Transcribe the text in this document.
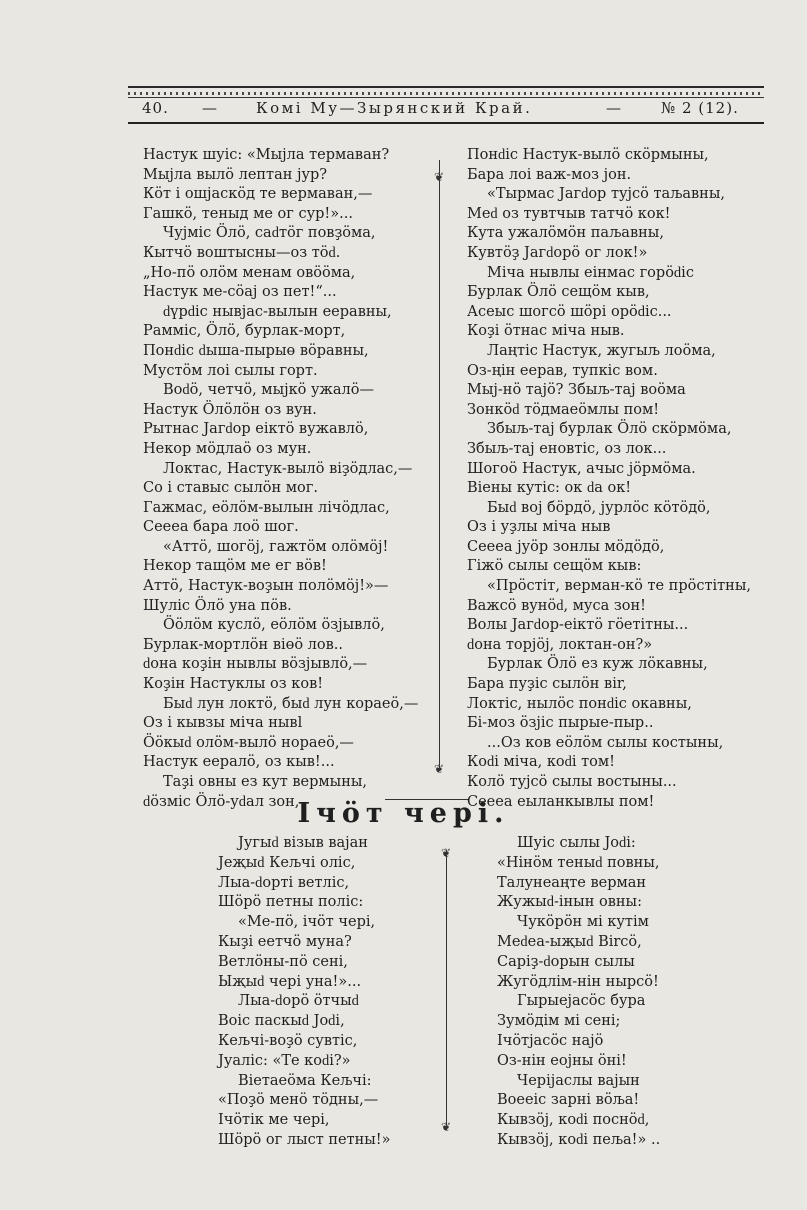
40. —	Комі Му—Зырянский Край.	—	№ 2 (12).
Настук шуіс: «Мыјла термаван?
Мыјла вылӧ лептан јур?
Кӧт і ошјаскӧд те вермаван,—
Гашкӧ, теныд ме ог сур!»...
Чујміс Ӧлӧ, саԁтӧг повҙӧма,
Кытчӧ воштысны—оз тӧԁ.
„Но-пӧ олӧм менам овӧӧма,
Настук ме-сӧај оз пет!“...
ԁүрԁіс нывјас-вылын ееравны,
Раммiс, Ӧлӧ, бурлак-морт,
Понԁіс ԁыша-пырыө вӧравны,
Мустӧм лоі сылы горт.
Воԁӧ, четчӧ, мыјкӧ ужалӧ—
Настук Ӧлӧлӧн оз вун.
Рытнас Јагԁор еіктӧ вужавлӧ,
Некор мӧдлаӧ оз мун.
Локтас, Настук-вылӧ віҙӧдлас,—
Со і ставыс сылӧн мог.
Гажмас, еӧлӧм-вылын лічӧдлас,
Сеееа бара лоӧ шог.
«Аттӧ, шогӧј, гажтӧм олӧмӧј!
Некор тащӧм ме ег вӧв!
Аттӧ, Настук-воҙын полӧмӧј!»—
Шуліс Ӧлӧ уна пӧв.
Ӧӧлӧм куслӧ, еӧлӧм ӧзјывлӧ,
Бурлак-мортлӧн віөӧ лов..
ԁона коҙін нывлы вӧзјывлӧ,—
Коҙін Настуклы оз ков!
Быԁ лун локтӧ, быԁ лун кораеӧ,—
Оз і кывзы міча нывl
Ӧӧкыԁ олӧм-вылӧ нораеӧ,—
Настук еералӧ, оз кыв!...
Таҙі овны ез кут вермыны,
ԁӧзміс Ӧлӧ-уԁал зон,
❦
❦
Понԁіс Настук-вылӧ скӧрмыны,
Бара лоі важ-моз јон.
«Тырмас Јагԁор тујсӧ таљавны,
Меԁ оз тувтчыв татчӧ кок!
Кута ужалӧмӧн паљавны,
Кувтӧҙ Јагԁорӧ ог лок!»
Міча нывлы еінмас горӧԁіс
Бурлак Ӧлӧ сещӧм кыв,
Асеыс шогсӧ шӧрі орӧԁіс...
Коҙі ӧтнас міча ныв.
Лаңтіс Настук, жугыљ лоӧма,
Оз-ңін еерав, тупкіс вом.
Мыј-нӧ тајӧ? Збыљ-тај воӧма
Зонкӧԁ тӧдмаеӧмлы пом!
Збыљ-тај бурлак Ӧлӧ скӧрмӧма,
Збыљ-тај еновтіс, оз лок...
Шогоӧ Настук, ачыс јӧрмӧма.
Віены кутіс: ок ԁа ок!
Быԁ воj бӧрдӧ, јурлӧс кӧтӧдӧ,
Оз і уҙлы міча ныв
Сеееа јуӧр зонлы мӧдӧдӧ,
Гіжӧ сылы сещӧм кыв:
«Прӧстіт, верман-кӧ те прӧстітны,
Важсӧ вунӧԁ, муса зон!
Волы Јагԁор-еіктӧ гӧетітны...
ԁона торјӧј, локтан-он?»
Бурлак Ӧлӧ ез куж лӧкавны,
Бара пуҙіс сылӧн віr,
Локтіс, нылӧс понԁіс окавны,
Бі-моз ӧзјіс пырые-пыр..
...Оз ков еӧлӧм сылы костыны,
Коԁі міча, коԁі том!
Колӧ тујсӧ сылы востыны...
Сеееа еыланкывлы пом!
Ічӧт черi.
Југыԁ візыв вајан
Јеҗыԁ Кељчі оліс,
Лыа-ԁорті ветліс,
Шӧрӧ петны поліс:
«Ме-пӧ, ічӧт черi,
Кыҙі еетчӧ муна?
Ветлӧны-пӧ сені,
Ыҗыԁ черi уна!»...
Лыа-ԁорӧ ӧтчыԁ
Воіс паскыԁ Јоԁі,
Кељчі-воҙӧ сувтіс,
Јуаліс: «Те коԁі?»
Віетаеӧма Кељчі:
«Поҙӧ менӧ тӧдны,—
Ічӧтік ме черi,
Шӧрӧ ог лыст петны!»
❦
❦
Шуіс сылы Јоԁі:
«Нінӧм теныԁ повны,
Талунеаңте верман
Жужыԁ-інын овны:
Чукӧрӧн мі кутім
Меԁеа-ыҗыԁ Віrсӧ,
Саріҙ-ԁорын сылы
Жугӧдлім-нін нырсӧ!
Гырыејасӧс бура
Зумӧдім мі сені;
Ічӧтјасӧс најӧ
Оз-нін еојны ӧні!
Черіјаслы вајын
Воееіс зарні вӧља!
Кывзӧј, коԁі поснӧԁ,
Кывзӧј, коԁі пеља!» ..
